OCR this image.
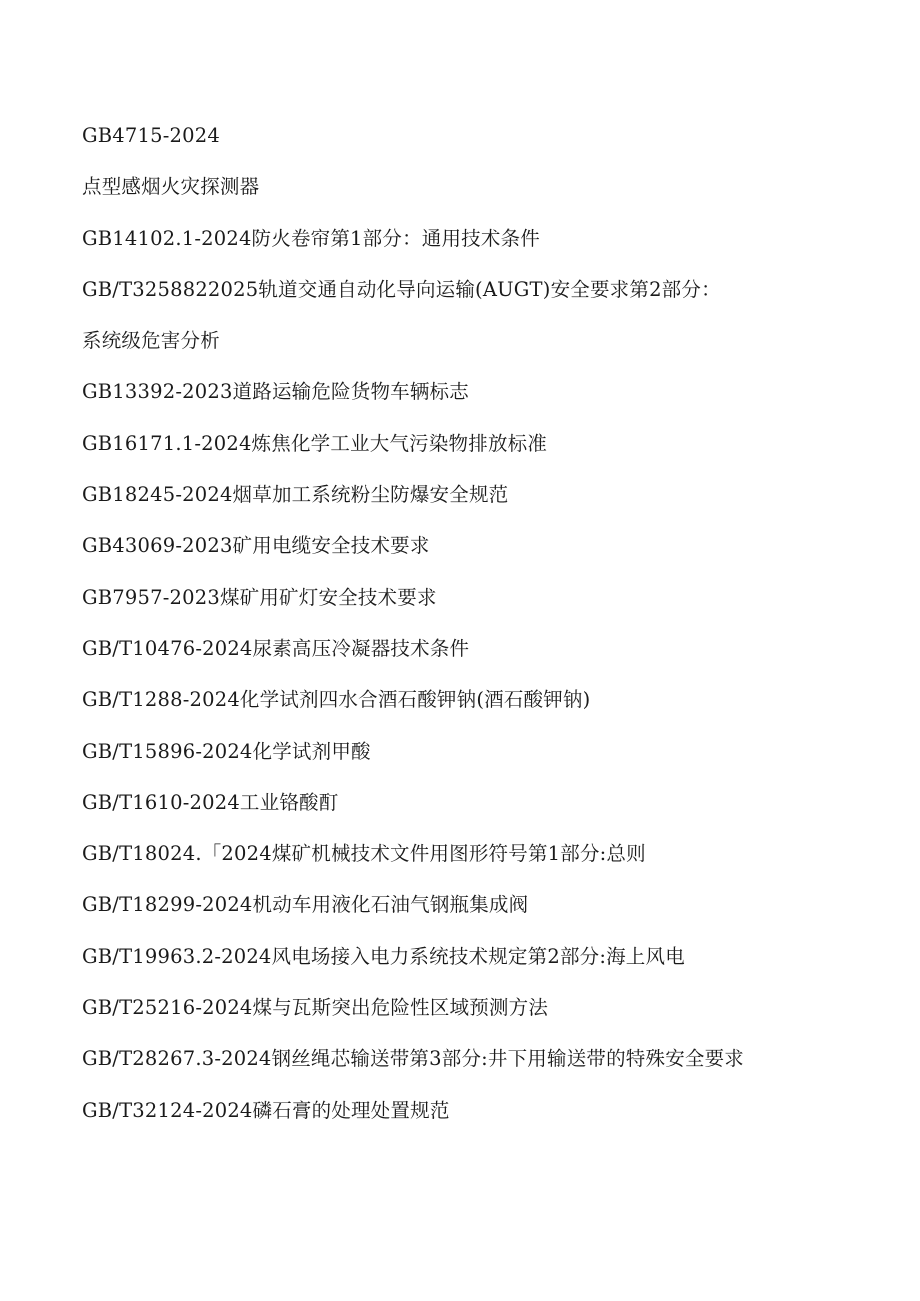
GB4715-2024
点型感烟火灾探测器
GB14102.1-2024防火卷帘第1部分：通用技术条件
GB/T3258822025轨道交通自动化导向运输(AUGT)安全要求第2部分：
系统级危害分析
GB13392-2023道路运输危险货物车辆标志
GB16171.1-2024炼焦化学工业大气污染物排放标准
GB18245-2024烟草加工系统粉尘防爆安全规范
GB43069-2023矿用电缆安全技术要求
GB7957-2023煤矿用矿灯安全技术要求
GB/T10476-2024尿素高压冷凝器技术条件
GB/T1288-2024化学试剂四水合酒石酸钾钠(酒石酸钾钠)
GB/T15896-2024化学试剂甲酸
GB/T1610-2024工业铬酸酊
GB/T18024.「2024煤矿机械技术文件用图形符号第1部分:总则
GB/T18299-2024机动车用液化石油气钢瓶集成阀
GB/T19963.2-2024风电场接入电力系统技术规定第2部分:海上风电
GB/T25216-2024煤与瓦斯突出危险性区域预测方法
GB/T28267.3-2024钢丝绳芯输送带第3部分:井下用输送带的特殊安全要求
GB/T32124-2024磷石膏的处理处置规范
